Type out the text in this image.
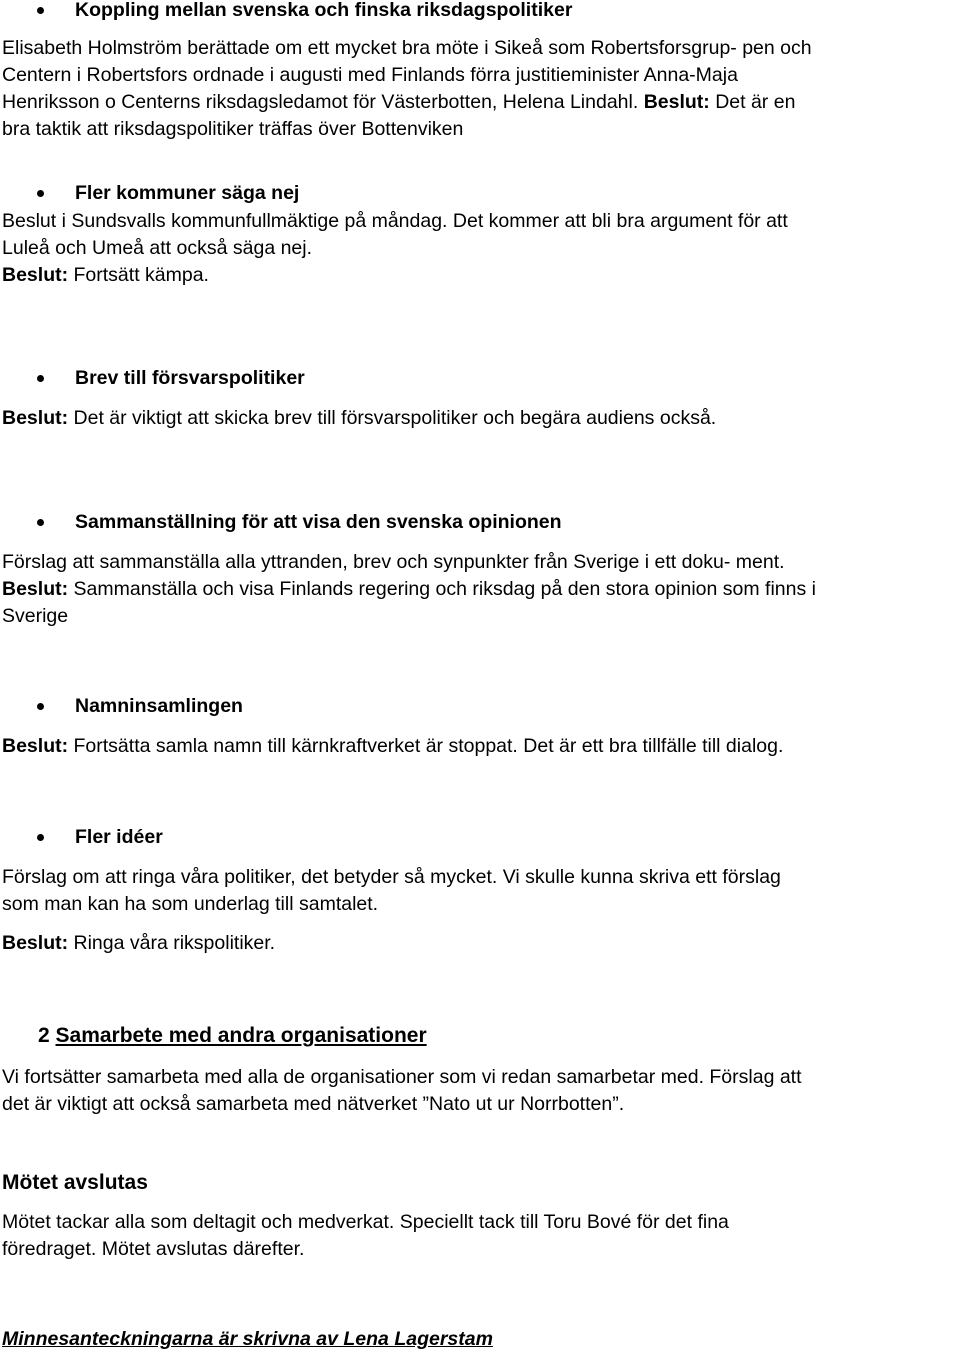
Koppling mellan svenska och finska riksdagspolitiker

Elisabeth Holmström berättade om ett mycket bra möte i Sikeå som Robertsforsgrup- pen och

Centern i Robertsfors ordnade i augusti med Finlands förra justitieminister Anna-Maja

Henriksson o Centerns riksdagsledamot för Västerbotten, Helena Lindahl. Beslut: Det är en

bra taktik att riksdagspolitiker träffas över Bottenviken

Fler kommuner säga nej

Beslut i Sundsvalls kommunfullmäktige på måndag. Det kommer att bli bra argument för att

Luleå och Umeå att också säga nej.

Beslut: Fortsätt kämpa.

Brev till försvarspolitiker

Beslut: Det är viktigt att skicka brev till försvarspolitiker och begära audiens också.

Sammanställning för att visa den svenska opinionen

Förslag att sammanställa alla yttranden, brev och synpunkter från Sverige i ett doku- ment.

Beslut: Sammanställa och visa Finlands regering och riksdag på den stora opinion som finns i

Sverige

Namninsamlingen

Beslut: Fortsätta samla namn till kärnkraftverket är stoppat. Det är ett bra tillfälle till dialog.

Fler idéer

Förslag om att ringa våra politiker, det betyder så mycket. Vi skulle kunna skriva ett förslag

som man kan ha som underlag till samtalet.

Beslut: Ringa våra rikspolitiker.

2 Samarbete med andra organisationer

Vi fortsätter samarbeta med alla de organisationer som vi redan samarbetar med. Förslag att

det är viktigt att också samarbeta med nätverket ”Nato ut ur Norrbotten”.

Mötet avslutas

Mötet tackar alla som deltagit och medverkat. Speciellt tack till Toru Bové för det fina

föredraget. Mötet avslutas därefter.

Minnesanteckningarna är skrivna av Lena Lagerstam
